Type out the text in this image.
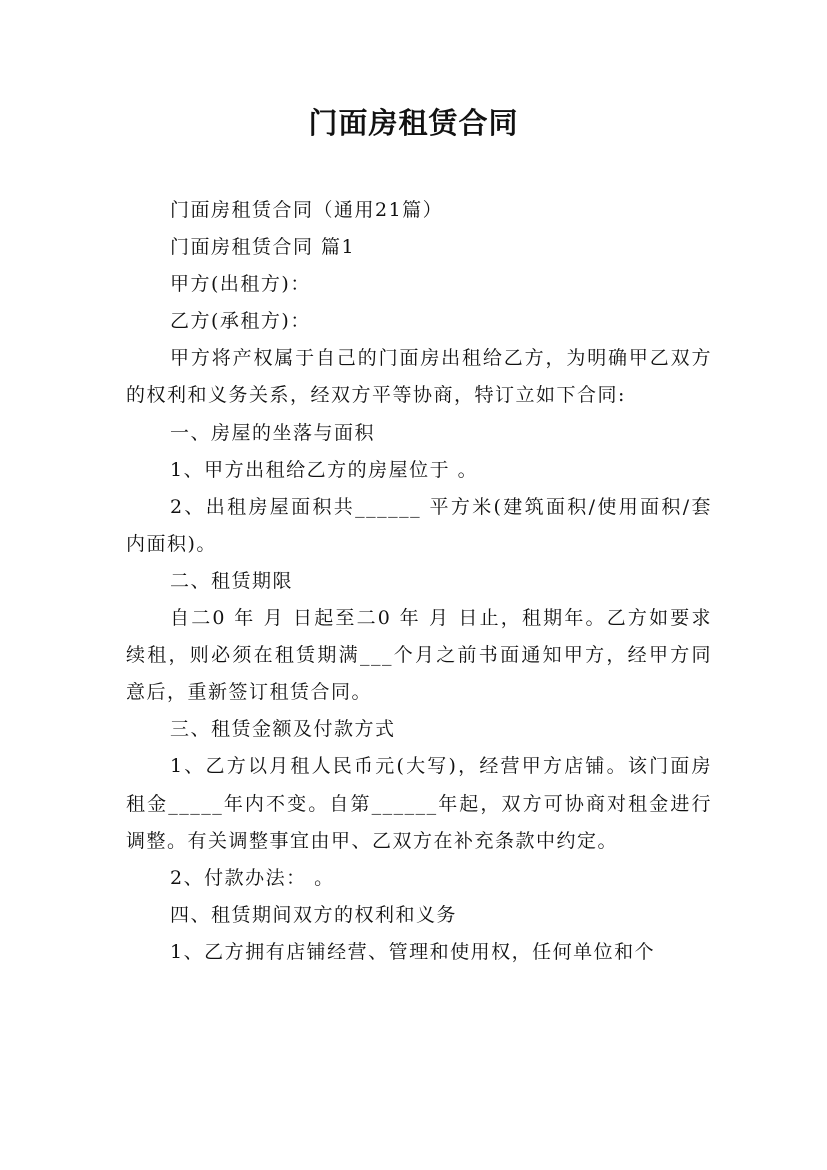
门面房租赁合同

门面房租赁合同（通用21篇）

门面房租赁合同 篇1

甲方(出租方)：

乙方(承租方)：

甲方将产权属于自己的门面房出租给乙方，为明确甲乙双方的权利和义务关系，经双方平等协商，特订立如下合同:

一、房屋的坐落与面积

1、甲方出租给乙方的房屋位于 。

2、出租房屋面积共______ 平方米(建筑面积/使用面积/套内面积)。

二、租赁期限

自二0 年 月 日起至二0 年 月 日止，租期年。乙方如要求续租，则必须在租赁期满___个月之前书面通知甲方，经甲方同意后，重新签订租赁合同。

三、租赁金额及付款方式

1、乙方以月租人民币元(大写)，经营甲方店铺。该门面房租金_____年内不变。自第______年起，双方可协商对租金进行调整。有关调整事宜由甲、乙双方在补充条款中约定。

2、付款办法： 。

四、租赁期间双方的权利和义务

1、乙方拥有店铺经营、管理和使用权，任何单位和个
